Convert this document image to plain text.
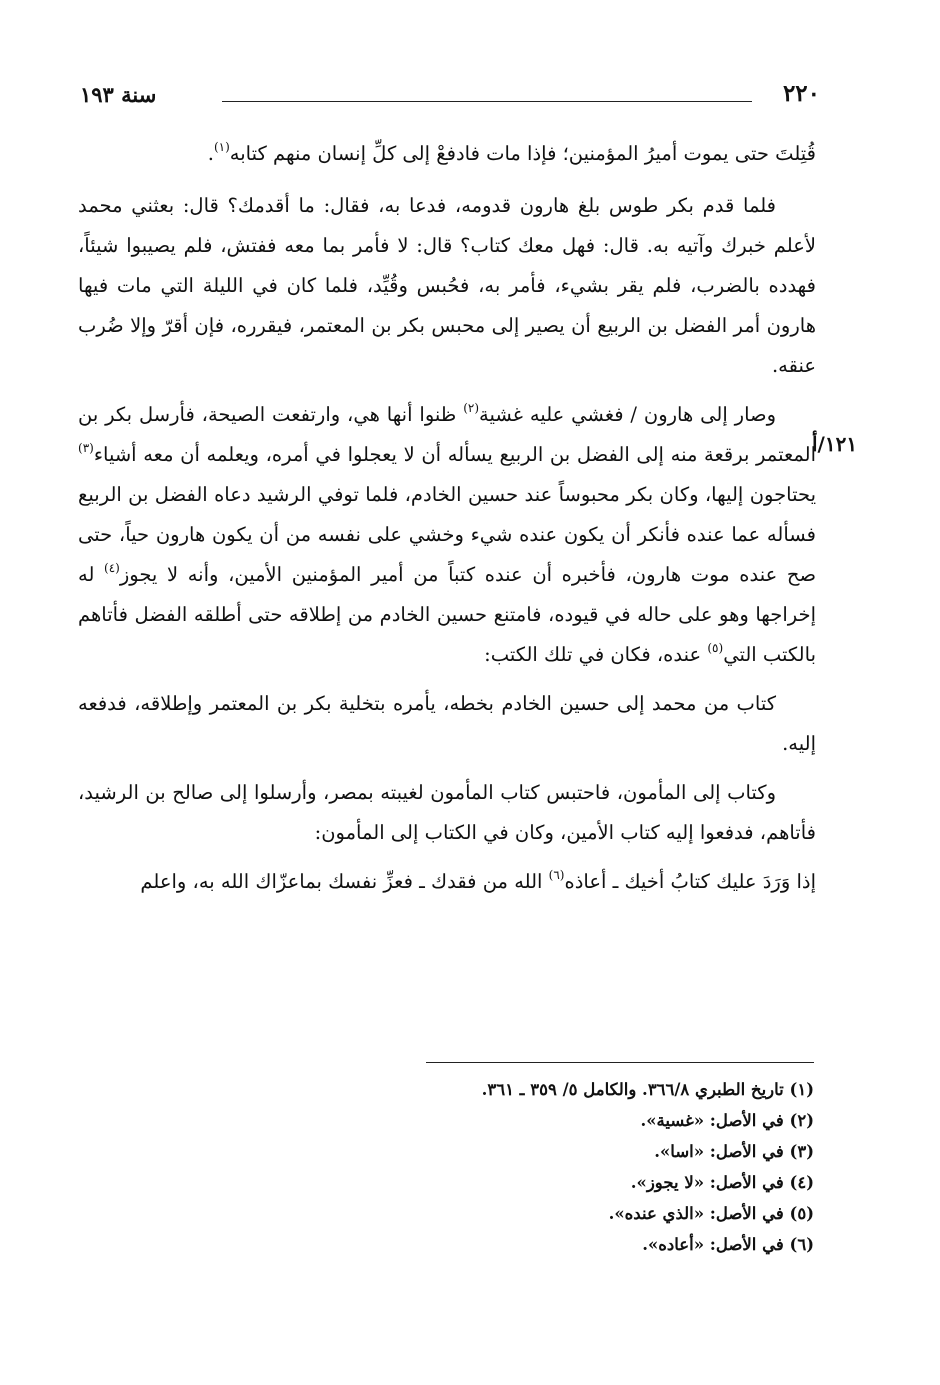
٢٢٠
سنة ١٩٣
١٢١/أ

قُتِلتَ حتى يموت أميرُ المؤمنين؛ فإذا مات فادفعْ إلى كلِّ إنسان منهم كتابه$^{(١)}$.

فلما قدم بكر طوس بلغ هارون قدومه، فدعا به، فقال: ما أقدمك؟ قال: بعثني محمد لأعلم خبرك وآتيه به. قال: فهل معك كتاب؟ قال: لا فأمر بما معه ففتش، فلم يصيبوا شيئاً، فهدده بالضرب، فلم يقر بشيء، فأمر به، فحُبس وقُيِّد، فلما كان في الليلة التي مات فيها هارون أمر الفضل بن الربيع أن يصير إلى محبس بكر بن المعتمر، فيقرره، فإن أقرّ وإلا ضُرب عنقه.

وصار إلى هارون / فغشي عليه غشية$^{(٢)}$ ظنوا أنها هي، وارتفعت الصيحة، فأرسل بكر بن المعتمر برقعة منه إلى الفضل بن الربيع يسأله أن لا يعجلوا في أمره، ويعلمه أن معه أشياء$^{(٣)}$ يحتاجون إليها، وكان بكر محبوساً عند حسين الخادم، فلما توفي الرشيد دعاه الفضل بن الربيع فسأله عما عنده فأنكر أن يكون عنده شيء وخشي على نفسه من أن يكون هارون حياً، حتى صح عنده موت هارون، فأخبره أن عنده كتباً من أمير المؤمنين الأمين، وأنه لا يجوز$^{(٤)}$ له إخراجها وهو على حاله في قيوده، فامتنع حسين الخادم من إطلاقه حتى أطلقه الفضل فأتاهم بالكتب التي$^{(٥)}$ عنده، فكان في تلك الكتب:

كتاب من محمد إلى حسين الخادم بخطه، يأمره بتخلية بكر بن المعتمر وإطلاقه، فدفعه إليه.

وكتاب إلى المأمون، فاحتبس كتاب المأمون لغيبته بمصر، وأرسلوا إلى صالح بن الرشيد، فأتاهم، فدفعوا إليه كتاب الأمين، وكان في الكتاب إلى المأمون:

إذا وَرَدَ عليك كتابُ أخيك ـ أعاذه$^{(٦)}$ الله من فقدك ـ فعزِّ نفسك بماعزّاك الله به، واعلم

(١) تاريخ الطبري ٣٦٦/٨. والكامل ٥/ ٣٥٩ ـ ٣٦١.
(٢) في الأصل: «غسية».
(٣) في الأصل: «اسا».
(٤) في الأصل: «لا يجوز».
(٥) في الأصل: «الذي عنده».
(٦) في الأصل: «أعاده».
